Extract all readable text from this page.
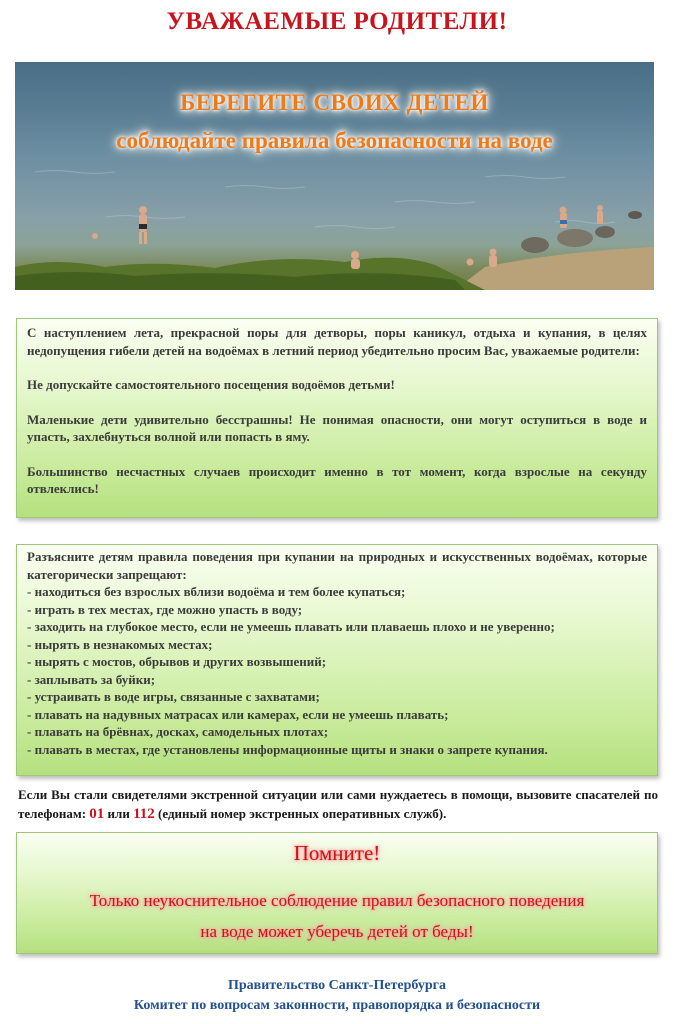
УВАЖАЕМЫЕ РОДИТЕЛИ!
БЕРЕГИТЕ СВОИХ ДЕТЕЙ
соблюдайте правила безопасности на воде

С наступлением лета, прекрасной поры для детворы, поры каникул, отдыха и купания, в целях недопущения гибели детей на водоёмах в летний период убедительно просим Вас, уважаемые родители:

Не допускайте самостоятельного посещения водоёмов детьми!

Маленькие дети удивительно бесстрашны! Не понимая опасности, они могут оступиться в воде и упасть, захлебнуться волной или попасть в яму.

Большинство несчастных случаев происходит именно в тот момент, когда взрослые на секунду отвлеклись!

Разъясните детям правила поведения при купании на природных и искусственных водоёмах, которые категорически запрещают:

- находиться без взрослых вблизи водоёма и тем более купаться;

- играть в тех местах, где можно упасть в воду;

- заходить на глубокое место, если не умеешь плавать или плаваешь плохо и не уверенно;

- нырять в незнакомых местах;

- нырять с мостов, обрывов и других возвышений;

- заплывать за буйки;

- устраивать в воде игры, связанные с захватами;

- плавать на надувных матрасах или камерах, если не умеешь плавать;

- плавать на брёвнах, досках, самодельных плотах;

- плавать в местах, где установлены информационные щиты и знаки о запрете купания.

Если Вы стали свидетелями экстренной ситуации или сами нуждаетесь в помощи, вызовите спасателей по телефонам: 01 или 112 (единый номер экстренных оперативных служб).
Помните!
Только неукоснительное соблюдение правил безопасного поведения
на воде может уберечь детей от беды!
Правительство Санкт-Петербурга
Комитет по вопросам законности, правопорядка и безопасности
